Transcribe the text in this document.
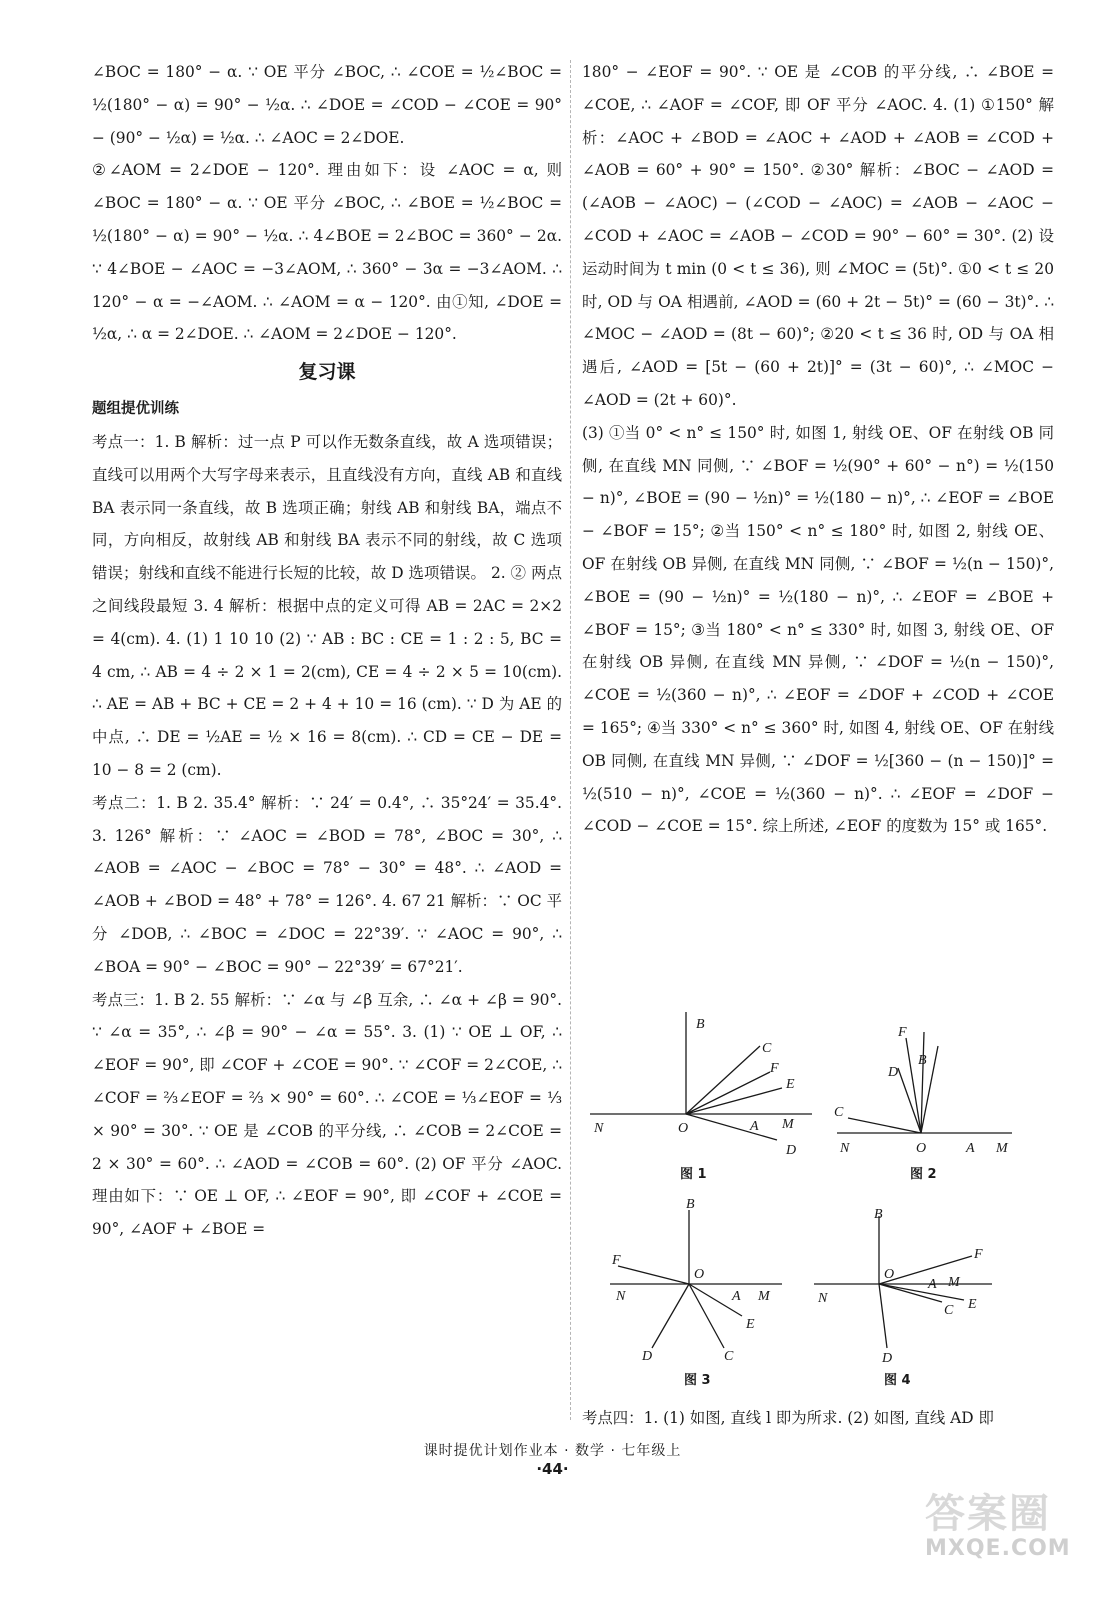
∠BOC = 180° − α. ∵ OE 平分 ∠BOC, ∴ ∠COE = ½∠BOC = ½(180° − α) = 90° − ½α. ∴ ∠DOE = ∠COD − ∠COE = 90° − (90° − ½α) = ½α. ∴ ∠AOC = 2∠DOE.

②∠AOM = 2∠DOE − 120°. 理由如下：设 ∠AOC = α, 则 ∠BOC = 180° − α. ∵ OE 平分 ∠BOC, ∴ ∠BOE = ½∠BOC = ½(180° − α) = 90° − ½α. ∴ 4∠BOE = 2∠BOC = 360° − 2α. ∵ 4∠BOE − ∠AOC = −3∠AOM, ∴ 360° − 3α = −3∠AOM. ∴ 120° − α = −∠AOM. ∴ ∠AOM = α − 120°. 由①知, ∠DOE = ½α, ∴ α = 2∠DOE. ∴ ∠AOM = 2∠DOE − 120°.

复习课

题组提优训练

考点一：1. B 解析：过一点 P 可以作无数条直线，故 A 选项错误；直线可以用两个大写字母来表示，且直线没有方向，直线 AB 和直线 BA 表示同一条直线，故 B 选项正确；射线 AB 和射线 BA，端点不同，方向相反，故射线 AB 和射线 BA 表示不同的射线，故 C 选项错误；射线和直线不能进行长短的比较，故 D 选项错误。 2. ② 两点之间线段最短 3. 4 解析：根据中点的定义可得 AB = 2AC = 2×2 = 4(cm). 4. (1) 1 10 10 (2) ∵ AB : BC : CE = 1 : 2 : 5, BC = 4 cm, ∴ AB = 4 ÷ 2 × 1 = 2(cm), CE = 4 ÷ 2 × 5 = 10(cm). ∴ AE = AB + BC + CE = 2 + 4 + 10 = 16 (cm). ∵ D 为 AE 的中点, ∴ DE = ½AE = ½ × 16 = 8(cm). ∴ CD = CE − DE = 10 − 8 = 2 (cm).

考点二：1. B 2. 35.4° 解析：∵ 24′ = 0.4°, ∴ 35°24′ = 35.4°. 3. 126° 解析：∵ ∠AOC = ∠BOD = 78°, ∠BOC = 30°, ∴ ∠AOB = ∠AOC − ∠BOC = 78° − 30° = 48°. ∴ ∠AOD = ∠AOB + ∠BOD = 48° + 78° = 126°. 4. 67 21 解析：∵ OC 平分 ∠DOB, ∴ ∠BOC = ∠DOC = 22°39′. ∵ ∠AOC = 90°, ∴ ∠BOA = 90° − ∠BOC = 90° − 22°39′ = 67°21′.

考点三：1. B 2. 55 解析：∵ ∠α 与 ∠β 互余, ∴ ∠α + ∠β = 90°. ∵ ∠α = 35°, ∴ ∠β = 90° − ∠α = 55°. 3. (1) ∵ OE ⊥ OF, ∴ ∠EOF = 90°, 即 ∠COF + ∠COE = 90°. ∵ ∠COF = 2∠COE, ∴ ∠COF = ⅔∠EOF = ⅔ × 90° = 60°. ∴ ∠COE = ⅓∠EOF = ⅓ × 90° = 30°. ∵ OE 是 ∠COB 的平分线, ∴ ∠COB = 2∠COE = 2 × 30° = 60°. ∴ ∠AOD = ∠COB = 60°. (2) OF 平分 ∠AOC. 理由如下：∵ OE ⊥ OF, ∴ ∠EOF = 90°, 即 ∠COF + ∠COE = 90°, ∠AOF + ∠BOE =

180° − ∠EOF = 90°. ∵ OE 是 ∠COB 的平分线, ∴ ∠BOE = ∠COE, ∴ ∠AOF = ∠COF, 即 OF 平分 ∠AOC. 4. (1) ①150° 解析：∠AOC + ∠BOD = ∠AOC + ∠AOD + ∠AOB = ∠COD + ∠AOB = 60° + 90° = 150°. ②30° 解析：∠BOC − ∠AOD = (∠AOB − ∠AOC) − (∠COD − ∠AOC) = ∠AOB − ∠AOC − ∠COD + ∠AOC = ∠AOB − ∠COD = 90° − 60° = 30°. (2) 设运动时间为 t min (0 < t ≤ 36), 则 ∠MOC = (5t)°. ①0 < t ≤ 20 时, OD 与 OA 相遇前, ∠AOD = (60 + 2t − 5t)° = (60 − 3t)°. ∴ ∠MOC − ∠AOD = (8t − 60)°; ②20 < t ≤ 36 时, OD 与 OA 相遇后, ∠AOD = [5t − (60 + 2t)]° = (3t − 60)°, ∴ ∠MOC − ∠AOD = (2t + 60)°.

(3) ①当 0° < n° ≤ 150° 时, 如图 1, 射线 OE、OF 在射线 OB 同侧, 在直线 MN 同侧, ∵ ∠BOF = ½(90° + 60° − n°) = ½(150 − n)°, ∠BOE = (90 − ½n)° = ½(180 − n)°, ∴ ∠EOF = ∠BOE − ∠BOF = 15°; ②当 150° < n° ≤ 180° 时, 如图 2, 射线 OE、OF 在射线 OB 异侧, 在直线 MN 同侧, ∵ ∠BOF = ½(n − 150)°, ∠BOE = (90 − ½n)° = ½(180 − n)°, ∴ ∠EOF = ∠BOE + ∠BOF = 15°; ③当 180° < n° ≤ 330° 时, 如图 3, 射线 OE、OF 在射线 OB 异侧, 在直线 MN 异侧, ∵ ∠DOF = ½(n − 150)°, ∠COE = ½(360 − n)°, ∴ ∠EOF = ∠DOF + ∠COD + ∠COE = 165°; ④当 330° < n° ≤ 360° 时, 如图 4, 射线 OE、OF 在射线 OB 同侧, 在直线 MN 异侧, ∵ ∠DOF = ½[360 − (n − 150)]° = ½(510 − n)°, ∠COE = ½(360 − n)°. ∴ ∠EOF = ∠DOF − ∠COD − ∠COE = 15°. 综上所述, ∠EOF 的度数为 15° 或 165°.

B
C
F
E
N	O	A M
D
图 1
F
B
D
C
N	O	A M
图 2
B
F
O
N	A M
E
D	C
图 3
B
F
O
A M
N
C E
D
图 4

考点四：1. (1) 如图, 直线 l 即为所求. (2) 如图, 直线 AD 即

课时提优计划作业本 · 数学 · 七年级上

·44·

答案圈

MXQE.COM
